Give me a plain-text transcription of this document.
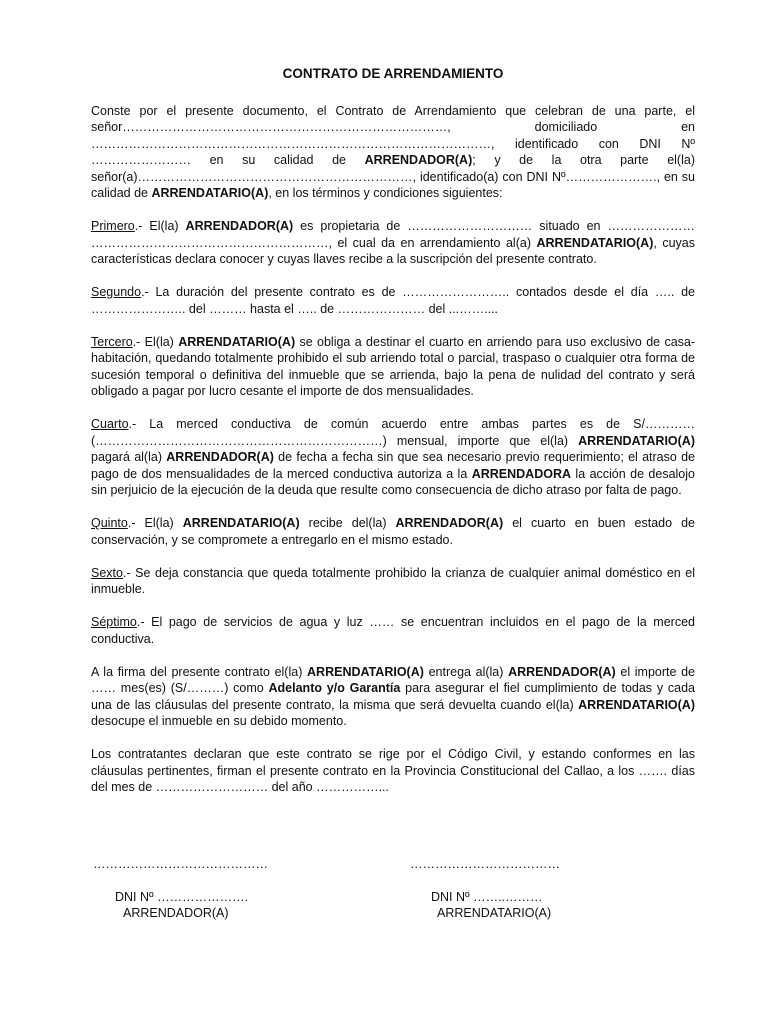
CONTRATO DE ARRENDAMIENTO

Conste por el presente documento, el Contrato de Arrendamiento que celebran de una parte, el señor……………………………………………………………………, domiciliado en ……………………………………………………………………………………, identificado con DNI Nº …………………… en su calidad de ARRENDADOR(A); y de la otra parte el(la) señor(a)…………………………………………………………, identificado(a) con DNI Nº…………………., en su calidad de ARRENDATARIO(A), en los términos y condiciones siguientes:

Primero.- El(la) ARRENDADOR(A) es propietaria de ………………………… situado en ………………… …………………………………………………, el cual da en arrendamiento al(a) ARRENDATARIO(A), cuyas características declara conocer y cuyas llaves recibe a la suscripción del presente contrato.

Segundo.- La duración del presente contrato es de …………………….. contados desde el día ….. de ………………….. del ……… hasta el ….. de ………………… del ...……....

Tercero.- El(la) ARRENDATARIO(A) se obliga a destinar el cuarto en arriendo para uso exclusivo de casa-habitación, quedando totalmente prohibido el sub arriendo total o parcial, traspaso o cualquier otra forma de sucesión temporal o definitiva del inmueble que se arrienda, bajo la pena de nulidad del contrato y será obligado a pagar por lucro cesante el importe de dos mensualidades.

Cuarto.- La merced conductiva de común acuerdo entre ambas partes es de S/………… (……………………………………………………………) mensual, importe que el(la) ARRENDATARIO(A) pagará al(la) ARRENDADOR(A) de fecha a fecha sin que sea necesario previo requerimiento; el atraso de pago de dos mensualidades de la merced conductiva autoriza a la ARRENDADORA la acción de desalojo sin perjuicio de la ejecución de la deuda que resulte como consecuencia de dicho atraso por falta de pago.

Quinto.- El(la) ARRENDATARIO(A) recibe del(la) ARRENDADOR(A) el cuarto en buen estado de conservación, y se compromete a entregarlo en el mismo estado.

Sexto.- Se deja constancia que queda totalmente prohibido la crianza de cualquier animal doméstico en el inmueble.

Séptimo.- El pago de servicios de agua y luz …… se encuentran incluidos en el pago de la merced conductiva.

A la firma del presente contrato el(la) ARRENDATARIO(A) entrega al(la) ARRENDADOR(A) el importe de …… mes(es) (S/………) como Adelanto y/o Garantía para asegurar el fiel cumplimiento de todas y cada una de las cláusulas del presente contrato, la misma que será devuelta cuando el(la) ARRENDATARIO(A) desocupe el inmueble en su debido momento.

Los contratantes declaran que este contrato se rige por el Código Civil, y estando conformes en las cláusulas pertinentes, firman el presente contrato en la Provincia Constitucional del Callao, a los ……. días del mes de ……………………… del año ……………...

……………………………………
DNI Nº ………………….
ARRENDADOR(A)
………………………………
DNI Nº ……..………
ARRENDATARIO(A)
